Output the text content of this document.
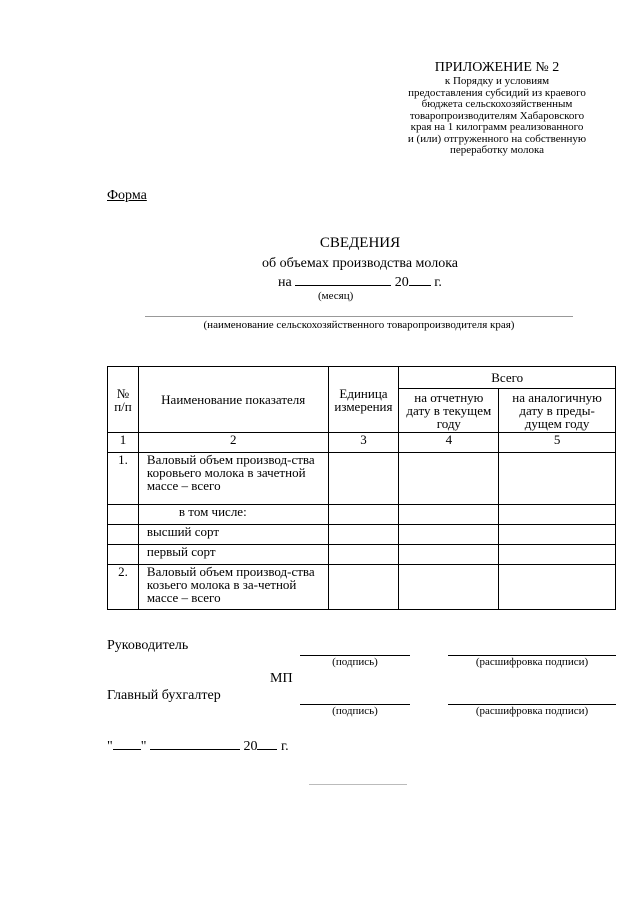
ПРИЛОЖЕНИЕ № 2
к Порядку и условиям
предоставления субсидий из краевого
бюджета сельскохозяйственным
товаропроизводителям Хабаровского
края на 1 килограмм реализованного
и (или) отгруженного на собственную
переработку молока
Форма
СВЕДЕНИЯ
об объемах производства молока
на	20 г.
(месяц)
(наименование сельскохозяйственного товаропроизводителя края)
№ п/п	Наименование показателя	Единица измерения	Всего	
			на отчетную дату в текущем году	на аналогичную дату в преды-дущем году
1	2	3	4	5
1.	Валовый объем производ-ства коровьего молока в зачетной массе – всего			
	в том числе:			
	высший сорт			
	первый сорт			
2.	Валовый объем производ-ства козьего молока в за-четной массе – всего			
Руководитель
(подпись)	(расшифровка подписи)
МП
Главный бухгалтер
(подпись)	(расшифровка подписи)
" "	20 г.
